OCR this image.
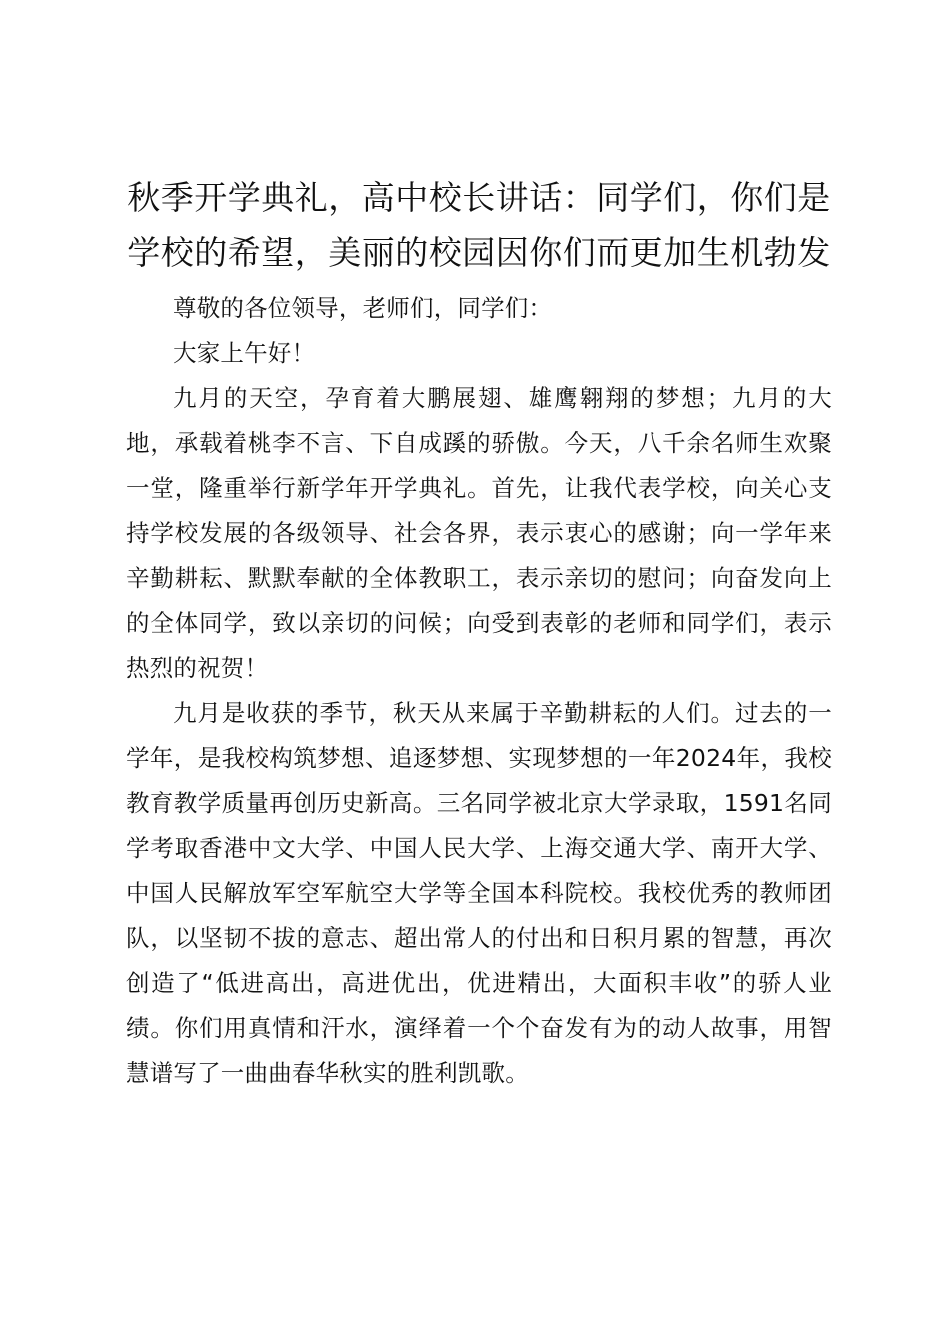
秋季开学典礼，高中校长讲话：同学们，你们是学校的希望，美丽的校园因你们而更加生机勃发

尊敬的各位领导，老师们，同学们：

大家上午好！

九月的天空，孕育着大鹏展翅、雄鹰翱翔的梦想；九月的大地，承载着桃李不言、下自成蹊的骄傲。今天，八千余名师生欢聚一堂，隆重举行新学年开学典礼。首先，让我代表学校，向关心支持学校发展的各级领导、社会各界，表示衷心的感谢；向一学年来辛勤耕耘、默默奉献的全体教职工，表示亲切的慰问；向奋发向上的全体同学，致以亲切的问候；向受到表彰的老师和同学们，表示热烈的祝贺！

九月是收获的季节，秋天从来属于辛勤耕耘的人们。过去的一学年，是我校构筑梦想、追逐梦想、实现梦想的一年2024年，我校教育教学质量再创历史新高。三名同学被北京大学录取，1591名同学考取香港中文大学、中国人民大学、上海交通大学、南开大学、中国人民解放军空军航空大学等全国本科院校。我校优秀的教师团队，以坚韧不拔的意志、超出常人的付出和日积月累的智慧，再次创造了“低进高出，高进优出，优进精出，大面积丰收”的骄人业绩。你们用真情和汗水，演绎着一个个奋发有为的动人故事，用智慧谱写了一曲曲春华秋实的胜利凯歌。
